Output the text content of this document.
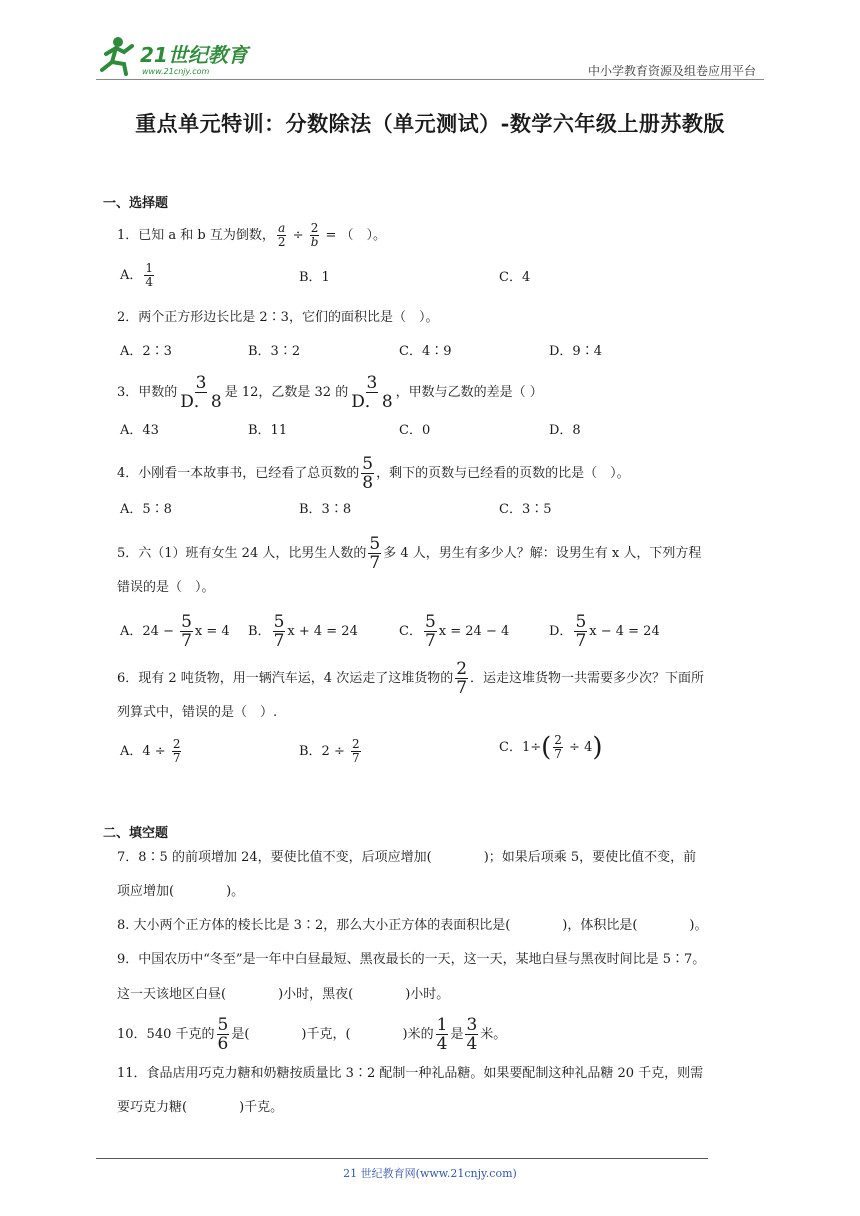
21世纪教育
www.21cnjy.com	中小学教育资源及组卷应用平台
重点单元特训：分数除法（单元测试）-数学六年级上册苏教版
一、选择题
1．已知 a 和 b 互为倒数， $\frac{a}{2} \div \frac{2}{b}$ = （　）。
A． $\frac{1}{4}$	B．1	C．4
2．两个正方形边长比是 2∶3，它们的面积比是（　）。
A．2∶3	B．3∶2	C．4∶9	D．9∶4
3．甲数的 $\frac{3}{D.8}$ 是 12，乙数是 32 的 $\frac{3}{D.8}$ ，甲数与乙数的差是（ ）
A．43	B．11	C．0	D．8
4．小刚看一本故事书，已经看了总页数的 $\frac{5}{8}$ ，剩下的页数与已经看的页数的比是（　）。
A．5∶8	B．3∶8	C．3∶5
5．六（1）班有女生 24 人，比男生人数的 $\frac{5}{7}$ 多 4 人，男生有多少人？解：设男生有 x 人，下列方程
错误的是（　）。
A．$24 - \frac{5}{7}$ x = 4 B． $\frac{5}{7}$ x + 4 = 24	C． $\frac{5}{7}$ x = 24 − 4	D． $\frac{5}{7}$ x − 4 = 24
6．现有 2 吨货物，用一辆汽车运，4 次运走了这堆货物的 $\frac{2}{7}$ ．运走这堆货物一共需要多少次？下面所
列算式中，错误的是（　）.
A．$4 \div \frac{2}{7}$	B．$2 \div \frac{2}{7}$	C．$1\div( \frac{2}{7} \div 4)$
二、填空题
7．8∶5 的前项增加 24，要使比值不变，后项应增加(　　　　)；如果后项乘 5，要使比值不变，前
项应增加(　　　　)。
8. 大小两个正方体的棱长比是 3∶2，那么大小正方体的表面积比是(　　　　)，体积比是(　　　　)。
9．中国农历中“冬至”是一年中白昼最短、黑夜最长的一天，这一天，某地白昼与黑夜时间比是 5∶7。
这一天该地区白昼(　　　　)小时，黑夜(　　　　)小时。
10．540 千克的 $\frac{5}{6}$ 是(　　　　)千克，(　　　　)米的 $\frac{1}{4}$ 是 $\frac{3}{4}$ 米。
11．食品店用巧克力糖和奶糖按质量比 3∶2 配制一种礼品糖。如果要配制这种礼品糖 20 千克，则需
要巧克力糖(　　　　)千克。
21 世纪教育网(www.21cnjy.com)
